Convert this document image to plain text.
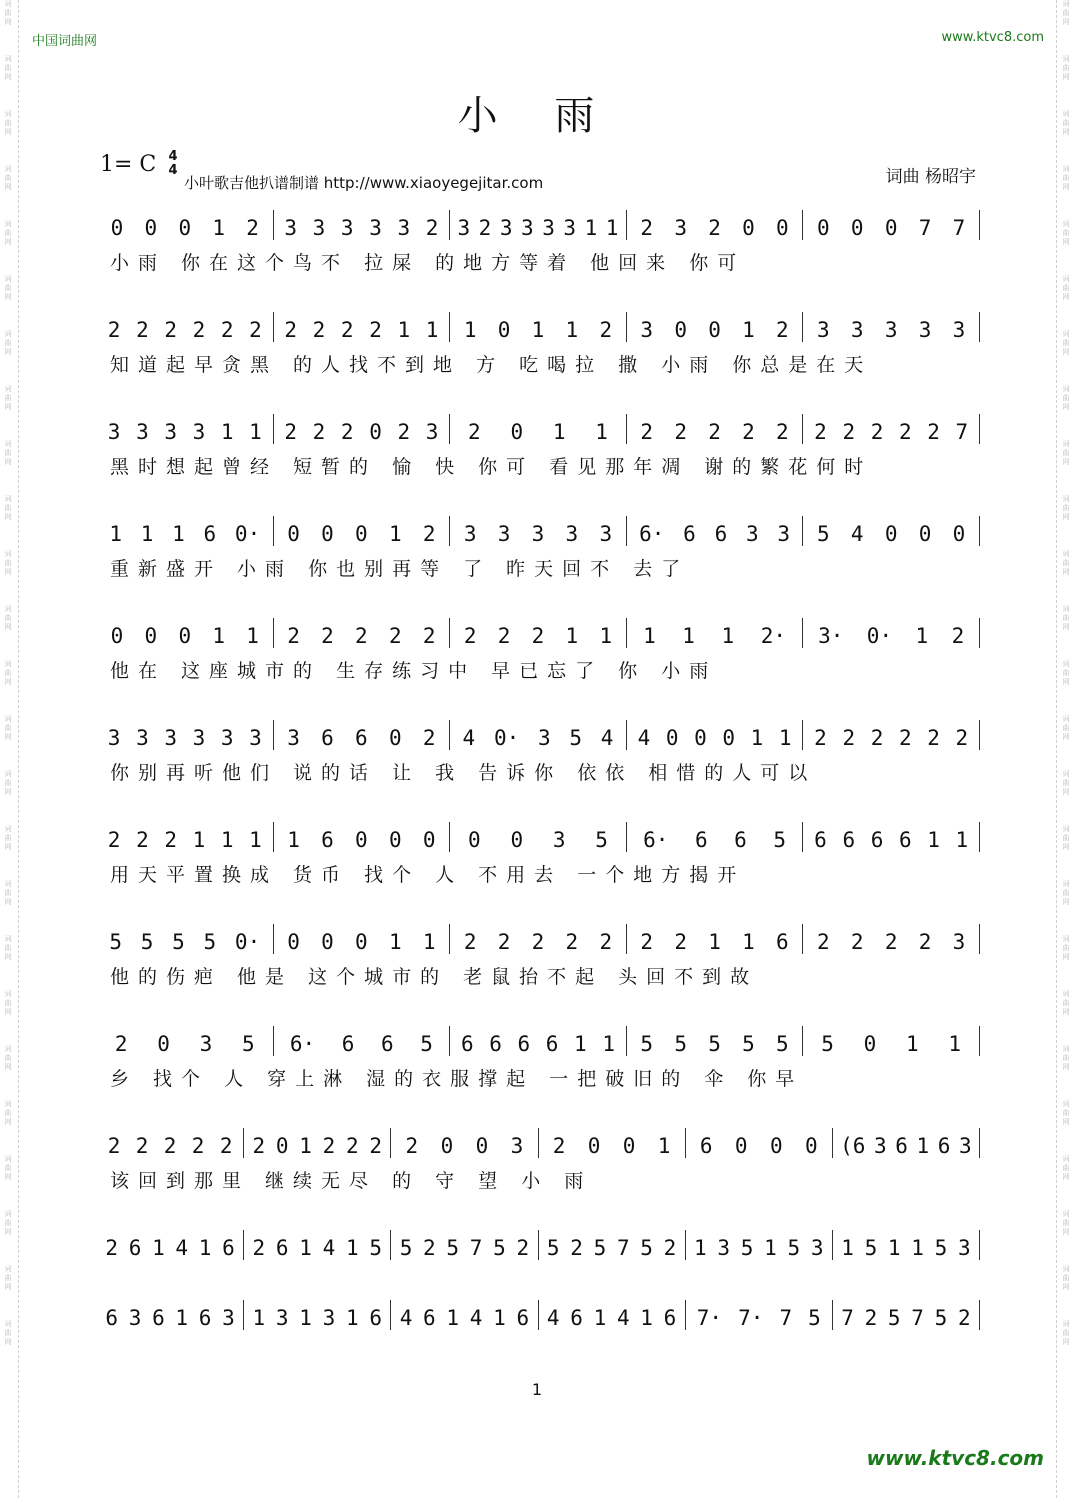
词
曲
网
词
曲
网
词
曲
网
词
曲
网
词
曲
网
词
曲
网
词
曲
网
词
曲
网
词
曲
网
词
曲
网
词
曲
网
词
曲
网
词
曲
网
词
曲
网
词
曲
网
词
曲
网
词
曲
网
词
曲
网
词
曲
网
词
曲
网
词
曲
网
词
曲
网
词
曲
网
词
曲
网
词
曲
网
词
曲
网
词
曲
网
词
曲
网
词
曲
网
词
曲
网
词
曲
网
词
曲
网
词
曲
网
词
曲
网
词
曲
网
词
曲
网
词
曲
网
词
曲
网
词
曲
网
词
曲
网
词
曲
网
词
曲
网
词
曲
网
词
曲
网
词
曲
网
词
曲
网
词
曲
网
词
曲
网
词
曲
网
词
曲
网
中国词曲网	www.ktvc8.com
小 雨
1= C 4
4
小叶歌吉他扒谱制谱 http://www.xiaoyegejitar.com	词曲 杨昭宇
0 0 0 1 2 3 3 3 3 3 2 3 2 3 3 3 3 1 1 2 3 2 0 0 0 0 0 7 7
小雨 你在这个鸟不 拉屎 的地方等着 他回来 你可
2 2 2 2 2 2 2 2 2 2 1 1 1 0 1 1 2 3 0 0 1 2 3 3 3 3 3
知道起早贪黑 的人找不到地 方 吃喝拉 撒 小雨 你总是在天
3 3 3 3 1 1 2 2 2 0 2 3 2 0 1 1 2 2 2 2 2 2 2 2 2 2 7
黑时想起曾经 短暂的 愉 快 你可 看见那年凋 谢的繁花何时
1 1 1 6 0· 0 0 0 1 2 3 3 3 3 3 6· 6 6 3 3 5 4 0 0 0
重新盛开 小雨 你也别再等 了 昨天回不 去了
0 0 0 1 1 2 2 2 2 2 2 2 2 1 1 1 1 1 2· 3· 0· 1 2
他在 这座城市的 生存练习中 早已忘了 你 小雨
3 3 3 3 3 3 3 6 6 0 2 4 0· 3 5 4 4 0 0 0 1 1 2 2 2 2 2 2
你别再听他们 说的话 让 我 告诉你 依依 相惜的人可以
2 2 2 1 1 1 1 6 0 0 0 0 0 3 5 6· 6 6 5 6 6 6 6 1 1
用天平置换成 货币 找个 人 不用去 一个地方揭开
5 5 5 5 0· 0 0 0 1 1 2 2 2 2 2 2 2 1 1 6 2 2 2 2 3
他的伤疤 他是 这个城市的 老鼠抬不起 头回不到故
2 0 3 5 6· 6 6 5 6 6 6 6 1 1 5 5 5 5 5 5 0 1 1
乡 找个 人 穿上淋 湿的衣服撑起 一把破旧的 伞 你早
2 2 2 2 2 2 0 1 2 2 2 2 0 0 3 2 0 0 1 6 0 0 0 (6 3 6 1 6 3
该回到那里 继续无尽 的 守 望 小 雨
2 6 1 4 1 6 2 6 1 4 1 5 5 2 5 7 5 2 5 2 5 7 5 2 1 3 5 1 5 3 1 5 1 1 5 3
6 3 6 1 6 3 1 3 1 3 1 6 4 6 1 4 1 6 4 6 1 4 1 6 7· 7· 7 5 7 2 5 7 5 2
1
www.ktvc8.com
